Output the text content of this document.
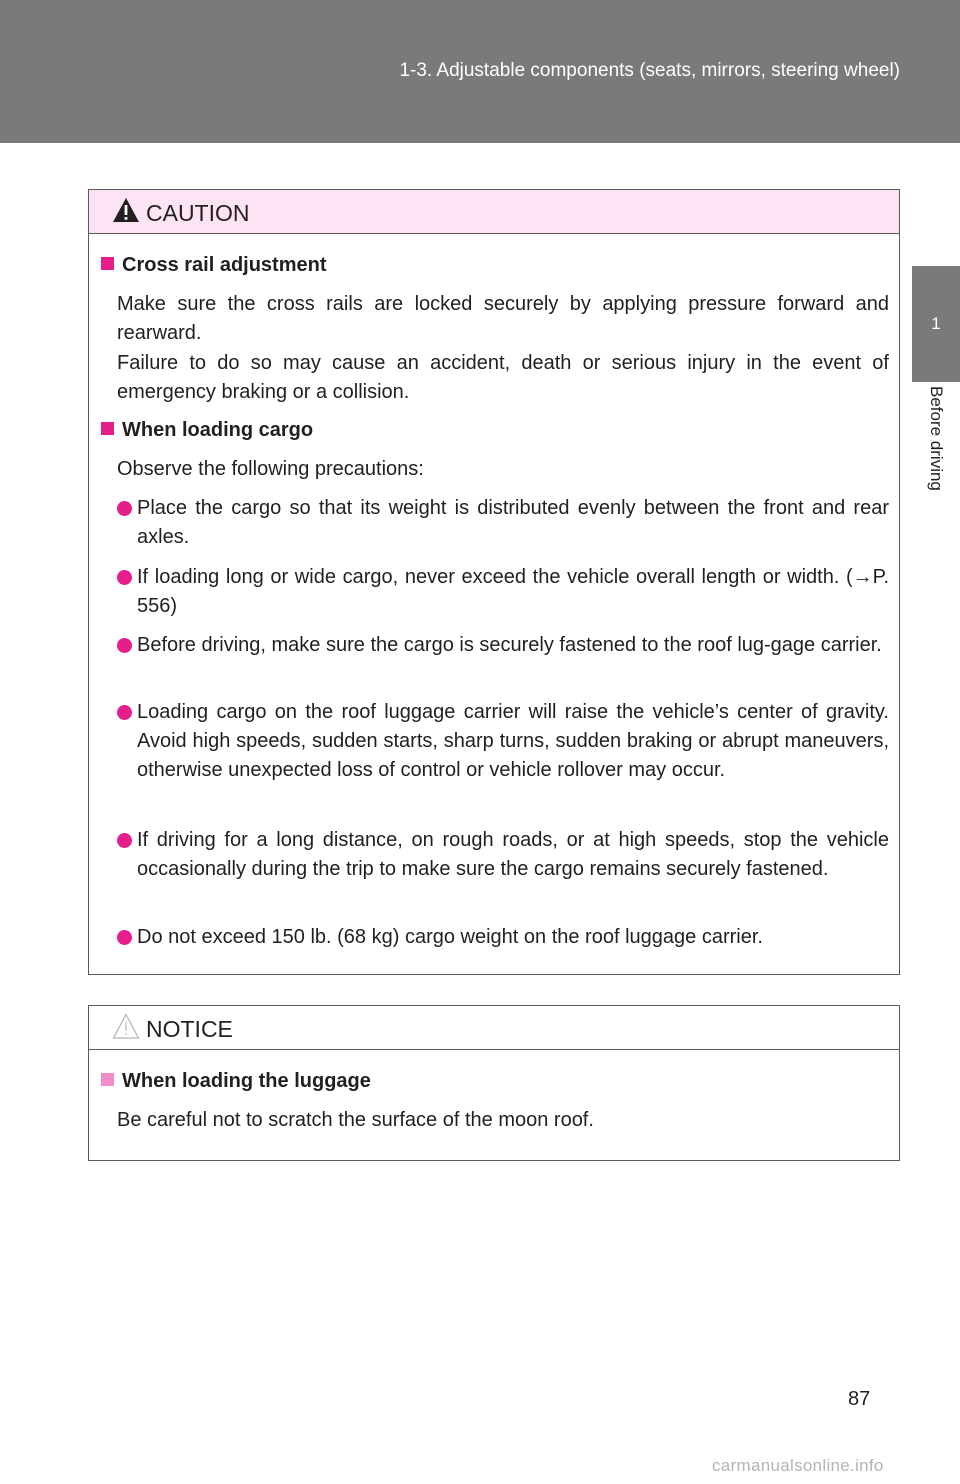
1-3. Adjustable components (seats, mirrors, steering wheel)
1
Before driving
CAUTION
Cross rail adjustment
Make sure the cross rails are locked securely by applying pressure forward and rearward.
Failure to do so may cause an accident, death or serious injury in the event of emergency braking or a collision.
When loading cargo
Observe the following precautions:
Place the cargo so that its weight is distributed evenly between the front and rear axles.
If loading long or wide cargo, never exceed the vehicle overall length or width. (→P. 556)
Before driving, make sure the cargo is securely fastened to the roof lug-gage carrier.
Loading cargo on the roof luggage carrier will raise the vehicle’s center of gravity. Avoid high speeds, sudden starts, sharp turns, sudden braking or abrupt maneuvers, otherwise unexpected loss of control or vehicle rollover may occur.
If driving for a long distance, on rough roads, or at high speeds, stop the vehicle occasionally during the trip to make sure the cargo remains securely fastened.
Do not exceed 150 lb. (68 kg) cargo weight on the roof luggage carrier.
NOTICE
When loading the luggage
Be careful not to scratch the surface of the moon roof.
87
carmanualsonline.info
